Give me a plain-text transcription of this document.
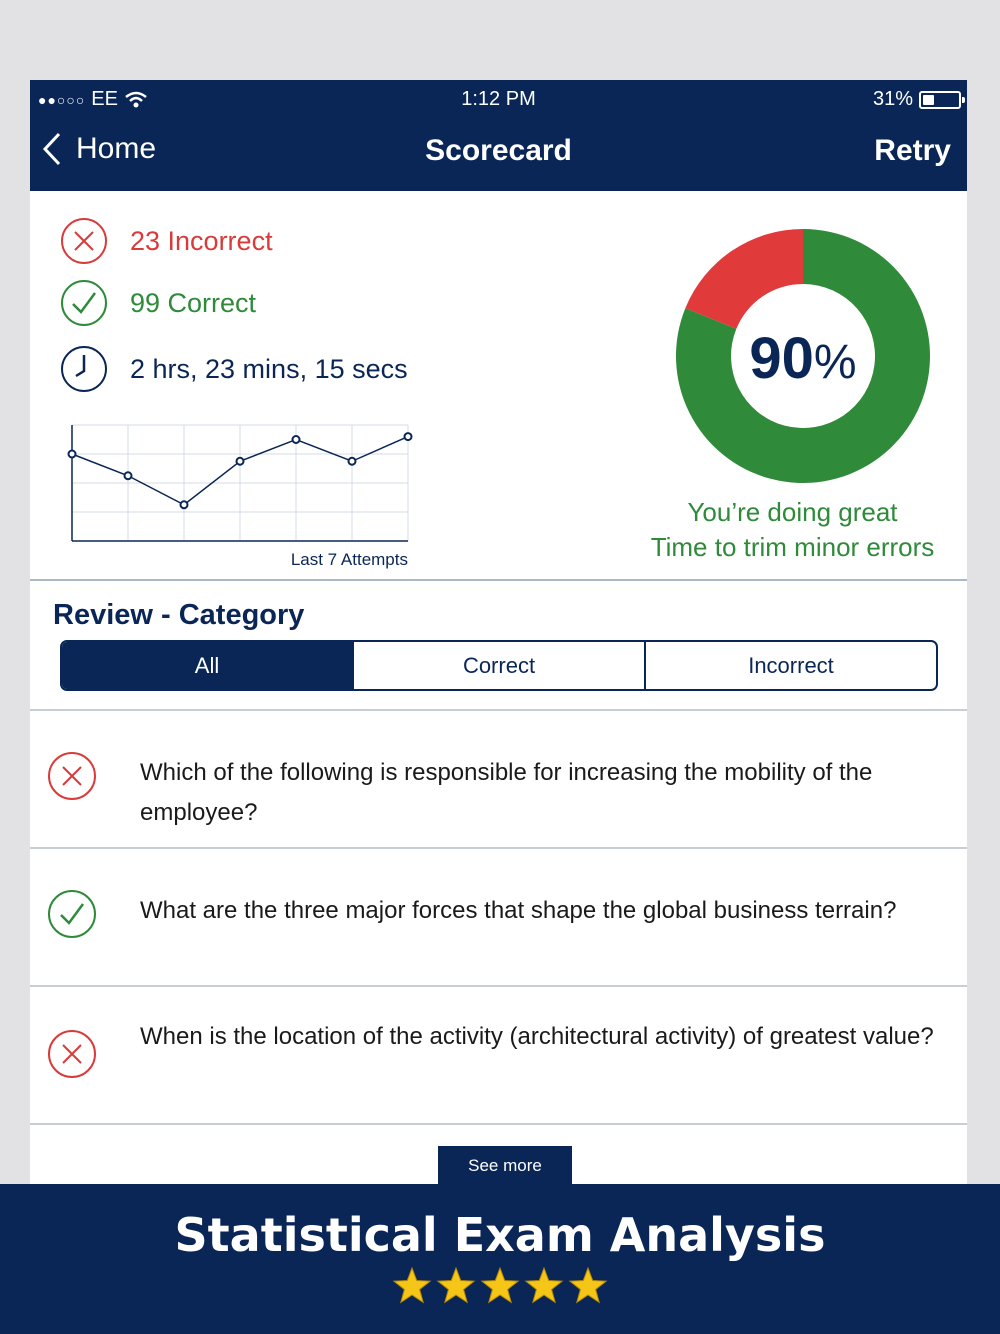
●●○○○ EE	1:12 PM	31%
Home	Scorecard	Retry
23 Incorrect
99 Correct
2 hrs, 23 mins, 15 secs
Last 7 Attempts
90%
Review - Category
All	Correct	Incorrect
Which of the following is responsible for increasing the mobility of the employee?
What are the three major forces that shape the global business terrain?
When is the location of the activity (architectural activity) of greatest value?
See more
You’re doing great
Time to trim minor errors
Statistical Exam Analysis
